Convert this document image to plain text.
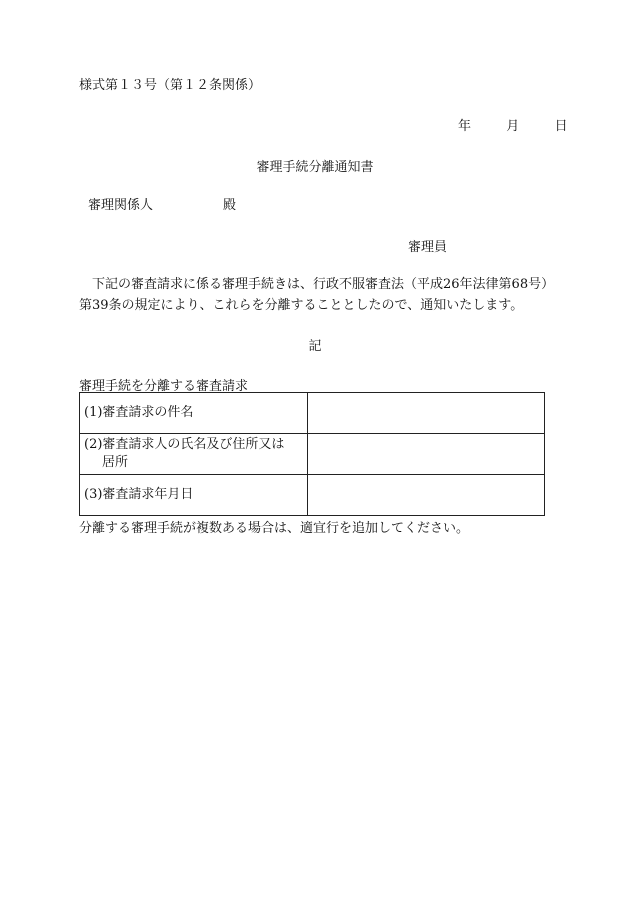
様式第１３号（第１２条関係）
年	月	日
審理手続分離通知書
審理関係人	殿
審理員
下記の審査請求に係る審理手続きは、行政不服審査法（平成26年法律第68号）
第39条の規定により、これらを分離することとしたので、通知いたします。
記
審理手続を分離する審査請求
(1)審査請求の件名	

(2)審査請求人の氏名及び住所又は
居所	

(3)審査請求年月日	
分離する審理手続が複数ある場合は、適宜行を追加してください。
